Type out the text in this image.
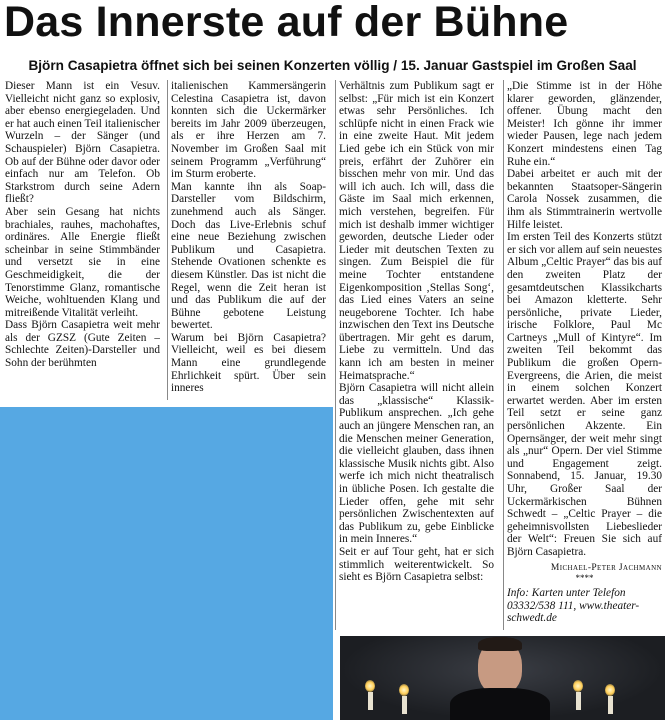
Das Innerste auf der Bühne
Björn Casapietra öffnet sich bei seinen Konzerten völlig / 15. Januar Gastspiel im Großen Saal

Dieser Mann ist ein Vesuv. Vielleicht nicht ganz so explosiv, aber ebenso energiegeladen. Und er hat auch einen Teil italienischer Wurzeln – der Sänger (und Schauspieler) Björn Casapietra. Ob auf der Bühne oder davor oder einfach nur am Telefon. Ob Starkstrom durch seine Adern fließt?

Aber sein Gesang hat nichts brachiales, rauhes, machohaftes, ordinäres. Alle Energie fließt scheinbar in seine Stimmbänder und versetzt sie in eine Geschmeidigkeit, die der Tenorstimme Glanz, romantische Weiche, wohltuenden Klang und mitreißende Vitalität verleiht.

Dass Björn Casapietra weit mehr als der GZSZ (Gute Zeiten – Schlechte Zeiten)-Darsteller und Sohn der berühmten

italienischen Kammersängerin Celestina Casapietra ist, davon konnten sich die Uckermärker bereits im Jahr 2009 überzeugen, als er ihre Herzen am 7. November im Großen Saal mit seinem Programm „Verführung“ im Sturm eroberte.

Man kannte ihn als Soap-Darsteller vom Bildschirm, zunehmend auch als Sänger. Doch das Live-Erlebnis schuf eine neue Beziehung zwischen Publikum und Casapietra. Stehende Ovationen schenkte es diesem Künstler. Das ist nicht die Regel, wenn die Zeit heran ist und das Publikum die auf der Bühne gebotene Leistung bewertet.

Warum bei Björn Casapietra? Vielleicht, weil es bei diesem Mann eine grundlegende Ehrlichkeit spürt. Über sein inneres

Verhältnis zum Publikum sagt er selbst: „Für mich ist ein Konzert etwas sehr Persönliches. Ich schlüpfe nicht in einen Frack wie in eine zweite Haut. Mit jedem Lied gebe ich ein Stück von mir preis, erfährt der Zuhörer ein bisschen mehr von mir. Und das will ich auch. Ich will, dass die Gäste im Saal mich erkennen, mich verstehen, begreifen. Für mich ist deshalb immer wichtiger geworden, deutsche Lieder oder Lieder mit deutschen Texten zu singen. Zum Beispiel die für meine Tochter entstandene Eigenkomposition ‚Stellas Song‘, das Lied eines Vaters an seine neugeborene Tochter. Ich habe inzwischen den Text ins Deutsche übertragen. Mir geht es darum, Liebe zu vermitteln. Und das kann ich am besten in meiner Heimatsprache.“

Björn Casapietra will nicht allein das „klassische“ Klassik-Publikum ansprechen. „Ich gehe auch an jüngere Menschen ran, an die Menschen meiner Generation, die vielleicht glauben, dass ihnen klassische Musik nichts gibt. Also werfe ich mich nicht theatralisch in übliche Posen. Ich gestalte die Lieder offen, gehe mit sehr persönlichen Zwischentexten auf das Publikum zu, gebe Einblicke in mein Inneres.“

Seit er auf Tour geht, hat er sich stimmlich weiterentwickelt. So sieht es Björn Casapietra selbst:

„Die Stimme ist in der Höhe klarer geworden, glänzender, offener. Übung macht den Meister! Ich gönne ihr immer wieder Pausen, lege nach jedem Konzert mindestens einen Tag Ruhe ein.“

Dabei arbeitet er auch mit der bekannten Staatsoper-Sängerin Carola Nossek zusammen, die ihm als Stimmtrainerin wertvolle Hilfe leistet.

Im ersten Teil des Konzerts stützt er sich vor allem auf sein neuestes Album „Celtic Prayer“ das bis auf den zweiten Platz der gesamtdeutschen Klassikcharts bei Amazon kletterte. Sehr persönliche, private Lieder, irische Folklore, Paul Mc Cartneys „Mull of Kintyre“. Im zweiten Teil bekommt das Publikum die großen Opern-Evergreens, die Arien, die meist in einem solchen Konzert erwartet werden. Aber im ersten Teil setzt er seine ganz persönlichen Akzente. Ein Opernsänger, der weit mehr singt als „nur“ Opern. Der viel Stimme und Engagement zeigt. Sonnabend, 15. Januar, 19.30 Uhr, Großer Saal der Uckermärkischen Bühnen Schwedt – „Celtic Prayer – die geheimnisvollsten Liebeslieder der Welt“: Freuen Sie sich auf Björn Casapietra.

Michael-Peter Jachmann
****
Info: Karten unter Telefon 03332/538 111, www.theater-schwedt.de
